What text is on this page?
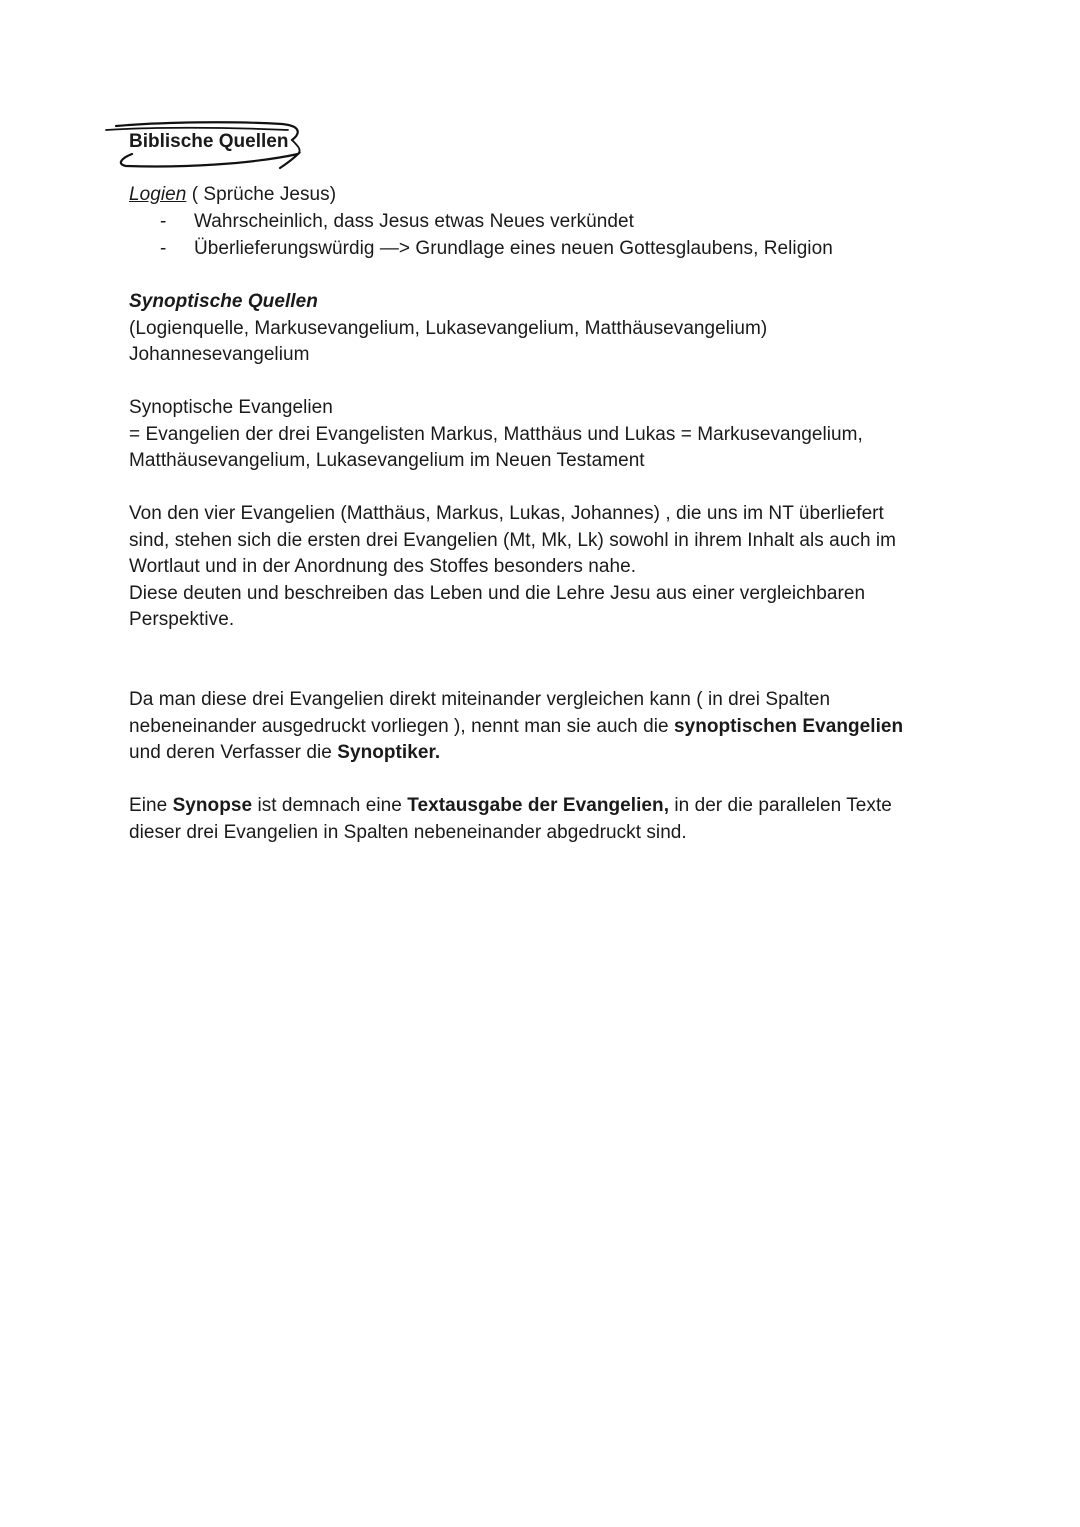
Biblische Quellen
Logien ( Sprüche Jesus)
- Wahrscheinlich, dass Jesus etwas Neues verkündet
- Überlieferungswürdig —> Grundlage eines neuen Gottesglaubens, Religion
Synoptische Quellen
(Logienquelle, Markusevangelium, Lukasevangelium, Matthäusevangelium)
Johannesevangelium
Synoptische Evangelien
= Evangelien der drei Evangelisten Markus, Matthäus und Lukas = Markusevangelium,
Matthäusevangelium, Lukasevangelium im Neuen Testament
Von den vier Evangelien (Matthäus, Markus, Lukas, Johannes) , die uns im NT überliefert
sind, stehen sich die ersten drei Evangelien (Mt, Mk, Lk) sowohl in ihrem Inhalt als auch im
Wortlaut und in der Anordnung des Stoffes besonders nahe.
Diese deuten und beschreiben das Leben und die Lehre Jesu aus einer vergleichbaren
Perspektive.
Da man diese drei Evangelien direkt miteinander vergleichen kann ( in drei Spalten
nebeneinander ausgedruckt vorliegen ), nennt man sie auch die synoptischen Evangelien
und deren Verfasser die Synoptiker.
Eine Synopse ist demnach eine Textausgabe der Evangelien, in der die parallelen Texte
dieser drei Evangelien in Spalten nebeneinander abgedruckt sind.
